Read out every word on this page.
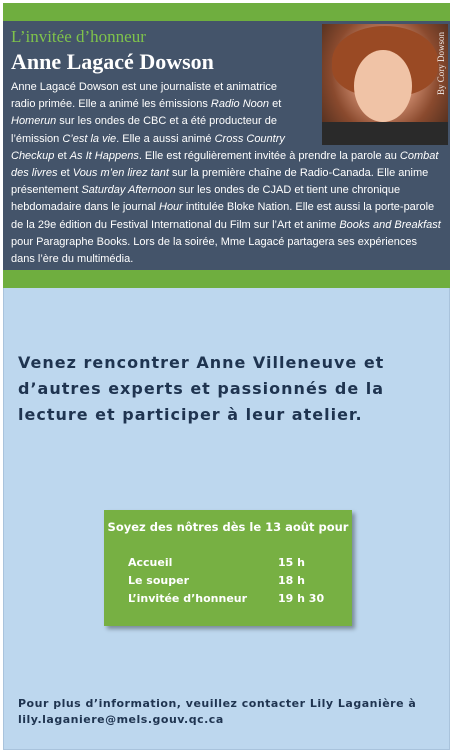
L’invitée d’honneur
Anne Lagacé Dowson	By Cory Dowson
Anne Lagacé Dowson est une journaliste et animatrice
radio primée. Elle a animé les émissions Radio Noon et
Homerun sur les ondes de CBC et a été producteur de
l’émission C’est la vie. Elle a aussi animé Cross Country
Checkup et As It Happens. Elle est régulièrement invitée à prendre la parole au Combat des livres et Vous m’en lirez tant sur la première chaîne de Radio-Canada. Elle anime présentement Saturday Afternoon sur les ondes de CJAD et tient une chronique hebdomadaire dans le journal Hour intitulée Bloke Nation. Elle est aussi la porte-parole de la 29e édition du Festival International du Film sur l’Art et anime Books and Breakfast pour Paragraphe Books. Lors de la soirée, Mme Lagacé partagera ses expériences dans l’ère du multimédia.
Venez rencontrer Anne Villeneuve et d’autres experts et passionnés de la lecture et participer à leur atelier.
Soyez des nôtres dès le 13 août pour
Accueil	15 h
Le souper	18 h
L’invitée d’honneur	19 h 30
Pour plus d’information, veuillez contacter Lily Laganière à lily.laganiere@mels.gouv.qc.ca
